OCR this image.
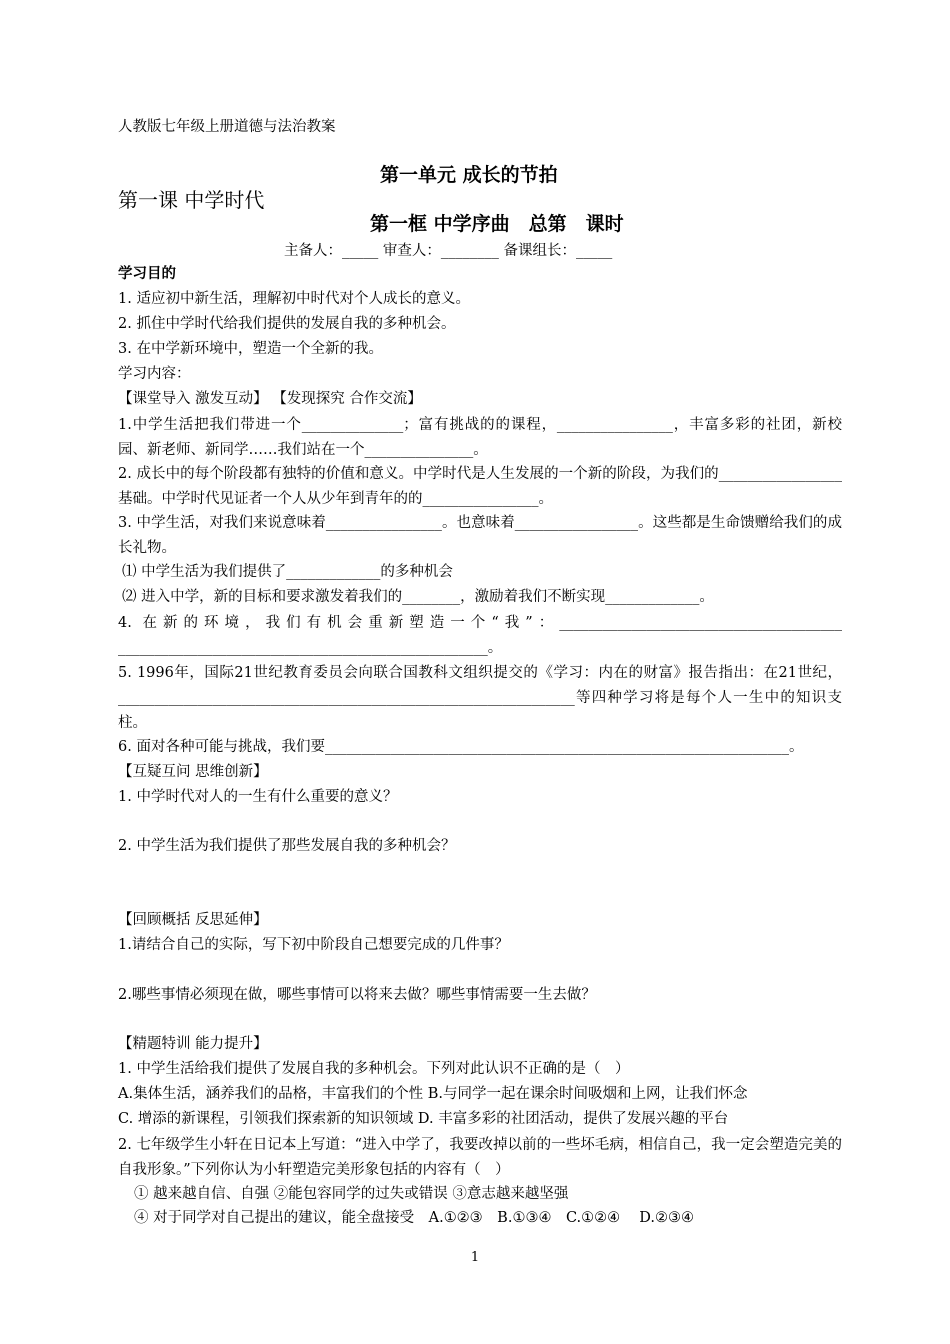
人教版七年级上册道德与法治教案
第一单元 成长的节拍
第一课 中学时代
第一框 中学序曲　总第　课时
主备人：_____ 审查人：________ 备课组长：_____
学习目的
1. 适应初中新生活，理解初中时代对个人成长的意义。
2. 抓住中学时代给我们提供的发展自我的多种机会。
3. 在中学新环境中，塑造一个全新的我。
学习内容：
【课堂导入 激发互动】 【发现探究 合作交流】
1.中学生活把我们带进一个______________；富有挑战的的课程，________________，丰富多彩的社团，新校园、新老师、新同学……我们站在一个_______________。
2. 成长中的每个阶段都有独特的价值和意义。中学时代是人生发展的一个新的阶段，为我们的_________________基础。中学时代见证者一个人从少年到青年的的________________。
3. 中学生活，对我们来说意味着________________。也意味着_________________。这些都是生命馈赠给我们的成长礼物。
⑴ 中学生活为我们提供了_____________的多种机会
⑵ 进入中学，新的目标和要求激发着我们的________，激励着我们不断实现_____________。
4. 在新的环境，我们有机会重新塑造一个“我”：_______________________________________ ___________________________________________________。
5. 1996年，国际21世纪教育委员会向联合国教科文组织提交的《学习：内在的财富》报告指出：在21世纪，_______________________________________________________________等四种学习将是每个人一生中的知识支柱。
6. 面对各种可能与挑战，我们要________________________________________________________________。
【互疑互问 思维创新】
1. 中学时代对人的一生有什么重要的意义？
2. 中学生活为我们提供了那些发展自我的多种机会？
【回顾概括 反思延伸】
1.请结合自己的实际，写下初中阶段自己想要完成的几件事？
2.哪些事情必须现在做，哪些事情可以将来去做？哪些事情需要一生去做？
【精题特训 能力提升】
1. 中学生活给我们提供了发展自我的多种机会。下列对此认识不正确的是（　）
A.集体生活，涵养我们的品格，丰富我们的个性 B.与同学一起在课余时间吸烟和上网，让我们怀念
C. 增添的新课程，引领我们探索新的知识领域 D. 丰富多彩的社团活动，提供了发展兴趣的平台
2. 七年级学生小轩在日记本上写道：“进入中学了，我要改掉以前的一些坏毛病，相信自己，我一定会塑造完美的自我形象。”下列你认为小轩塑造完美形象包括的内容有（　）
① 越来越自信、自强 ②能包容同学的过失或错误 ③意志越来越坚强
④ 对于同学对自己提出的建议，能全盘接受　A.①②③　B.①③④　C.①②④　 D.②③④
1
